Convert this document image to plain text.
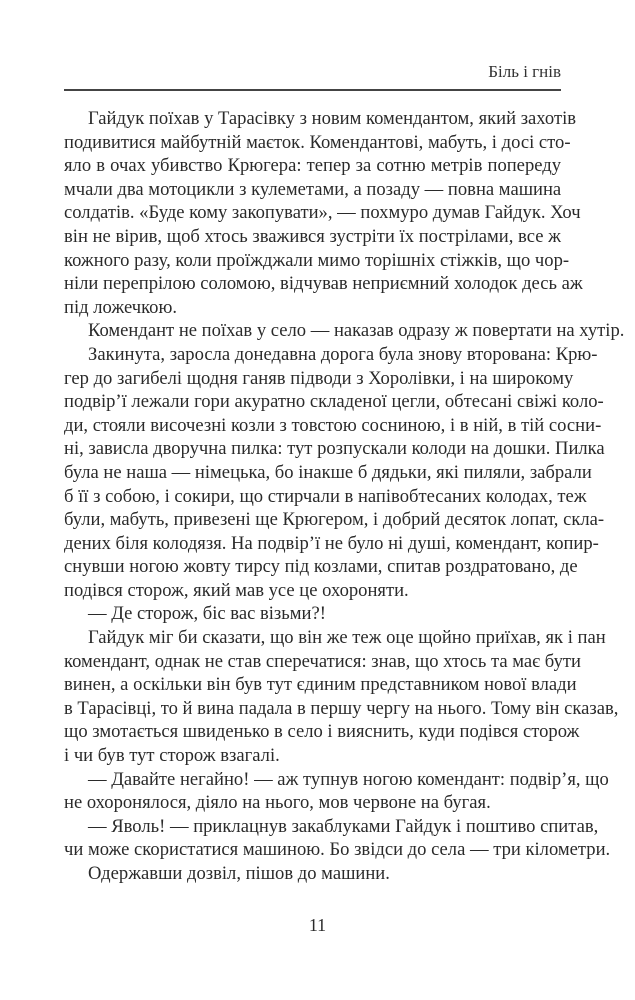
Біль і гнів
Гайдук поїхав у Тарасівку з новим комендантом, який захотів
подивитися майбутній маєток. Комендантові, мабуть, і досі сто-
яло в очах убивство Крюгера: тепер за сотню метрів попереду
мчали два мотоцикли з кулеметами, а позаду — повна машина
солдатів. «Буде кому закопувати», — похмуро думав Гайдук. Хоч
він не вірив, щоб хтось зважився зустріти їх пострілами, все ж
кожного разу, коли проїжджали мимо торішніх стіжків, що чор-
ніли перепрілою соломою, відчував неприємний холодок десь аж
під ложечкою.
Комендант не поїхав у село — наказав одразу ж повертати на хутір.
Закинута, заросла донедавна дорога була знову вторована: Крю-
гер до загибелі щодня ганяв підводи з Хоролівки, і на широкому
подвір’ї лежали гори акуратно складеної цегли, обтесані свіжі коло-
ди, стояли височезні козли з товстою сосниною, і в ній, в тій сосни-
ні, зависла дворучна пилка: тут розпускали колоди на дошки. Пилка
була не наша — німецька, бо інакше б дядьки, які пиляли, забрали
б її з собою, і сокири, що стирчали в напівобтесаних колодах, теж
були, мабуть, привезені ще Крюгером, і добрий десяток лопат, скла-
дених біля колодязя. На подвір’ї не було ні душі, комендант, копир-
снувши ногою жовту тирсу під козлами, спитав роздратовано, де
подівся сторож, який мав усе це охороняти.
— Де сторож, біс вас візьми?!
Гайдук міг би сказати, що він же теж оце щойно приїхав, як і пан
комендант, однак не став сперечатися: знав, що хтось та має бути
винен, а оскільки він був тут єдиним представником нової влади
в Тарасівці, то й вина падала в першу чергу на нього. Тому він сказав,
що змотається швиденько в село і вияснить, куди подівся сторож
і чи був тут сторож взагалі.
— Давайте негайно! — аж тупнув ногою комендант: подвір’я, що
не охоронялося, діяло на нього, мов червоне на бугая.
— Яволь! — приклацнув закаблуками Гайдук і поштиво спитав,
чи може скористатися машиною. Бо звідси до села — три кілометри.
Одержавши дозвіл, пішов до машини.
11
